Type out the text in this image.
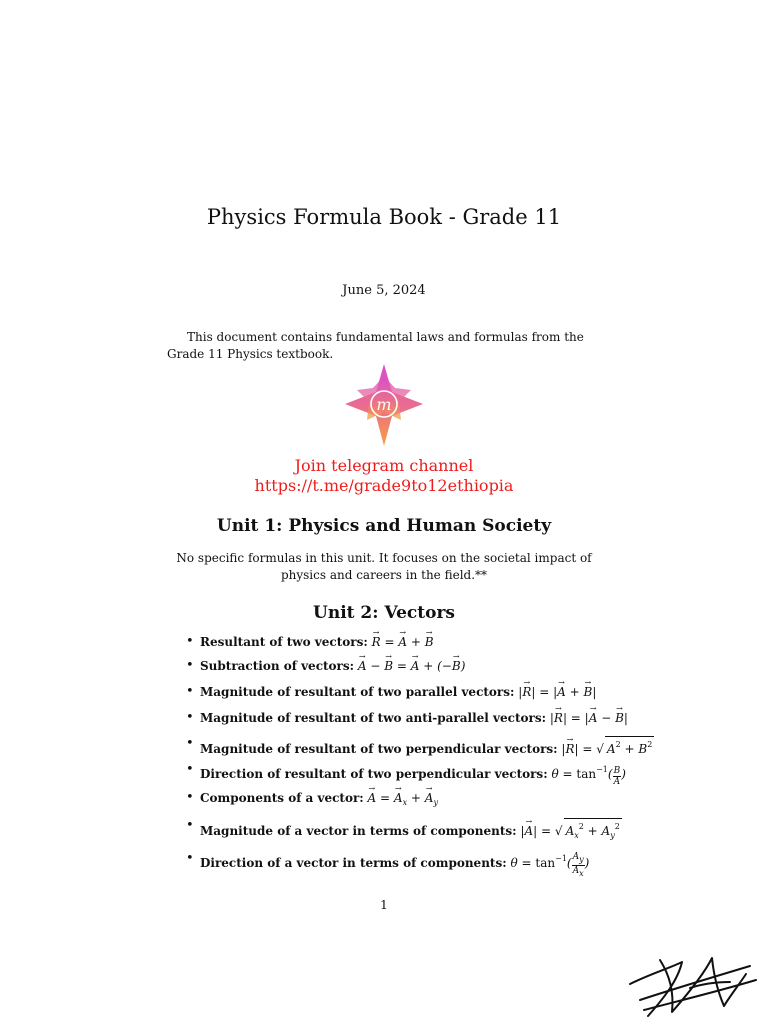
Physics Formula Book - Grade 11
June 5, 2024
This document contains fundamental laws and formulas from the Grade 11 Physics textbook.
m
Join telegram channel
https://t.me/grade9to12ethiopia
Unit 1: Physics and Human Society
No specific formulas in this unit. It focuses on the societal impact of physics and careers in the field.**
Unit 2: Vectors
• Resultant of two vectors: R → = A → + B →
• Subtraction of vectors: A → − B → = A → + (−B →)
• Magnitude of resultant of two parallel vectors: |R →| = |A → + B →|
• Magnitude of resultant of two anti-parallel vectors: |R →| = |A → − B →|
• Magnitude of resultant of two perpendicular vectors: |R →| = √ $A^2 + B^2$
• Direction of resultant of two perpendicular vectors: $\theta = \tan^{-1}( \frac{B}{A}$ )
• Components of a vector: A → = $A \to_x + A \to_y$
• Magnitude of a vector in terms of components: |A →| = √ $A_x^2 + A_y^2$
• Direction of a vector in terms of components: $\theta = \tan^{-1}( \frac{Ay}{Ax}$ )
1
